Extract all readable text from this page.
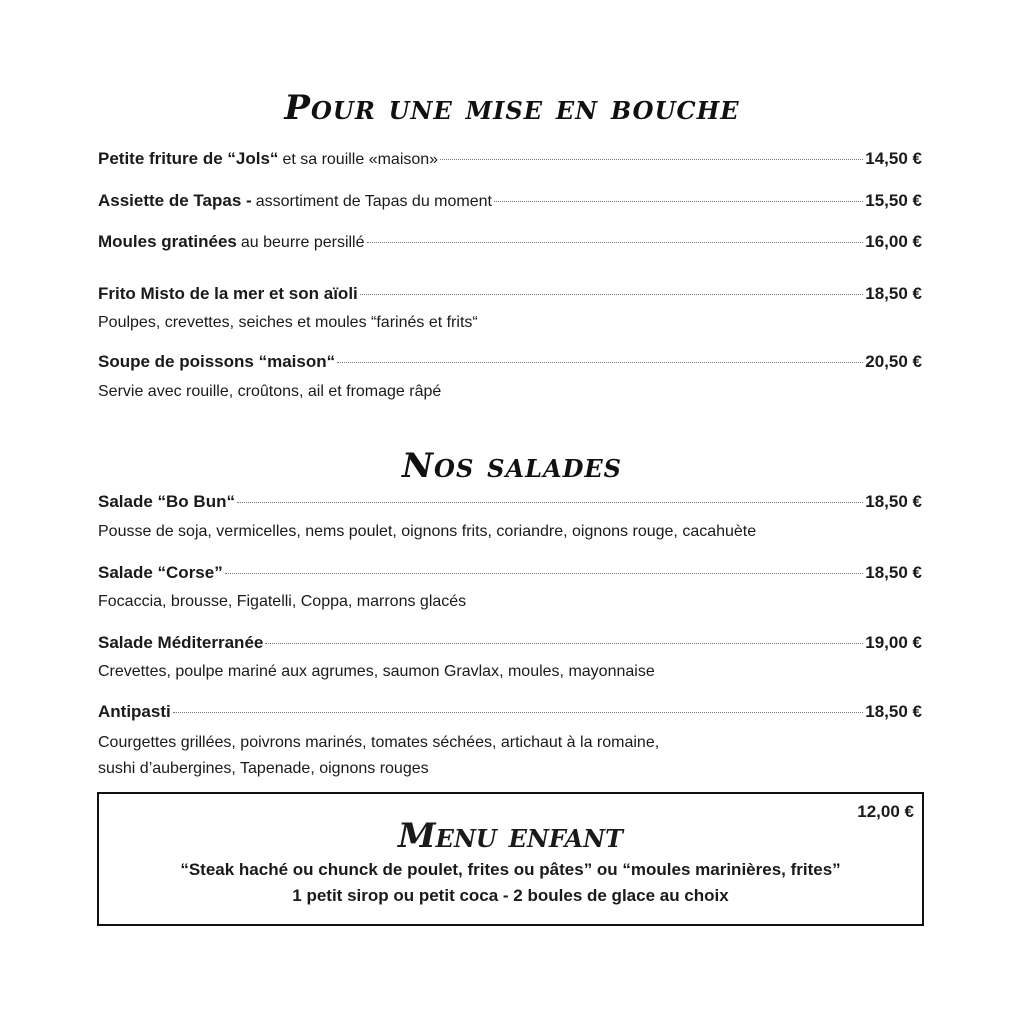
Pour une mise en bouche
Petite friture de “Jols“ et sa rouille «maison»	14,50 €
Assiette de Tapas - assortiment de Tapas du moment	15,50 €
Moules gratinées au beurre persillé	16,00 €
Frito Misto de la mer et son aïoli	18,50 €

Poulpes, crevettes, seiches et moules “farinés et frits“

Soupe de poissons “maison“	20,50 €

Servie avec rouille, croûtons, ail et fromage râpé

Nos salades
Salade “Bo Bun“	18,50 €

Pousse de soja, vermicelles, nems poulet, oignons frits, coriandre, oignons rouge, cacahuète

Salade “Corse”	18,50 €

Focaccia, brousse, Figatelli, Coppa, marrons glacés

Salade Méditerranée	19,00 €

Crevettes, poulpe mariné aux agrumes, saumon Gravlax, moules, mayonnaise

Antipasti	18,50 €

Courgettes grillées, poivrons marinés, tomates séchées, artichaut à la romaine,

sushi d’aubergines, Tapenade, oignons rouges

12,00 €
Menu enfant

“Steak haché ou chunck de poulet, frites ou pâtes” ou “moules marinières, frites”

1 petit sirop ou petit coca - 2 boules de glace au choix
